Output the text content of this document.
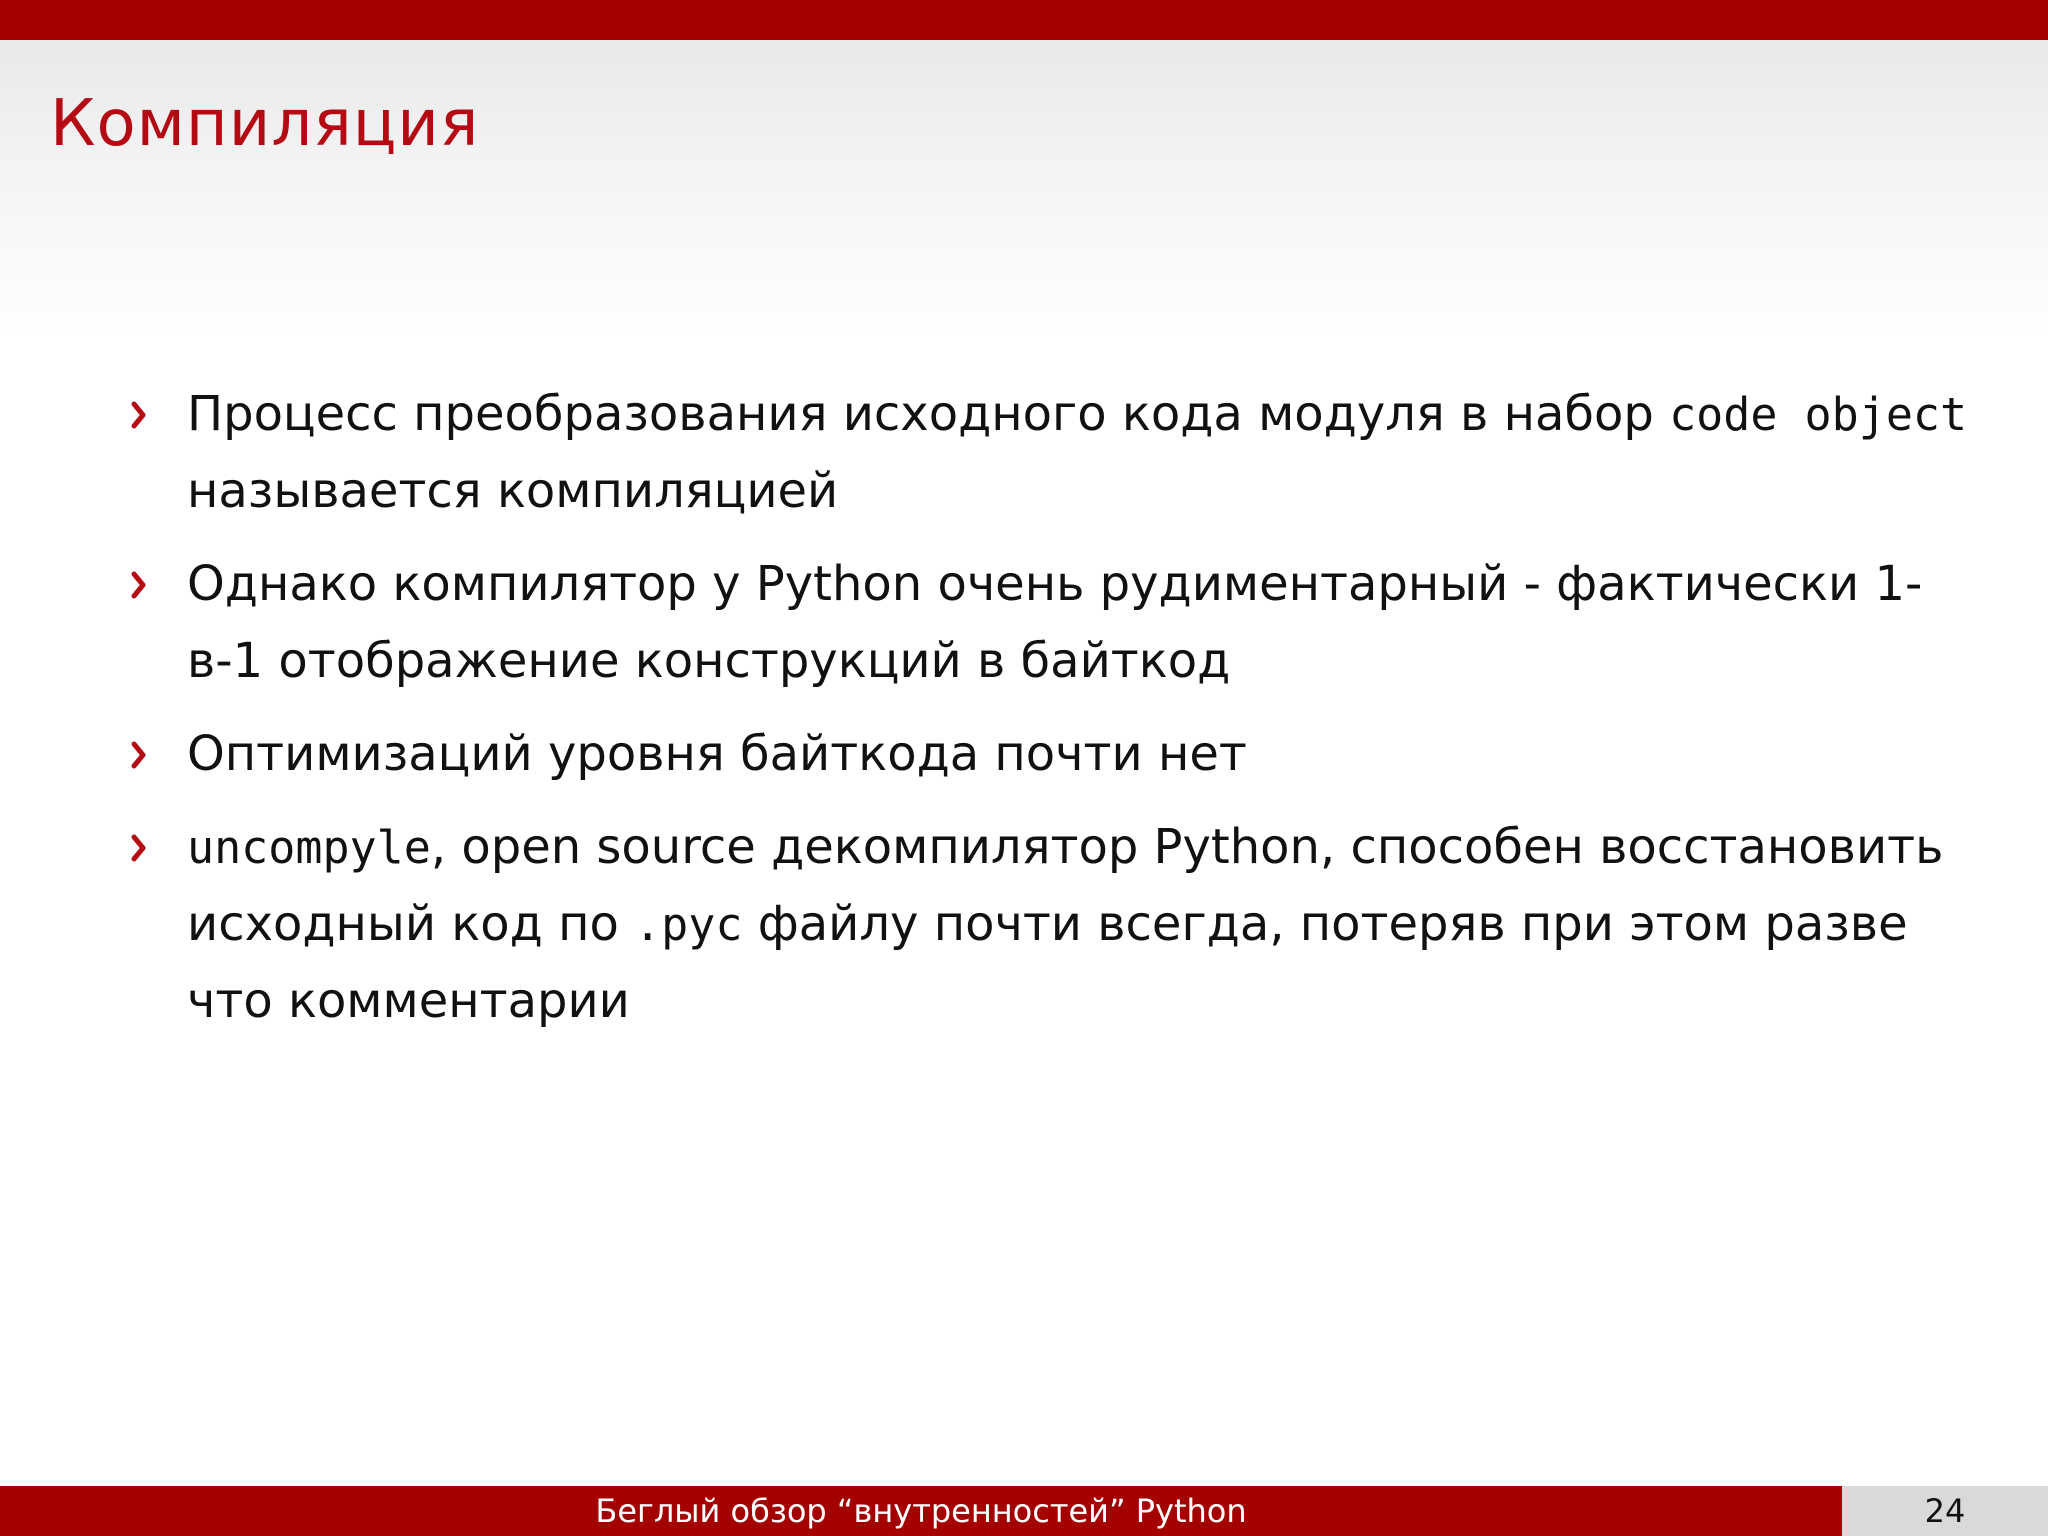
Компиляция
Процесс преобразования исходного кода модуля в набор code object называется компиляцией
Однако компилятор у Python очень рудиментарный - фактически 1-в-1 отображение конструкций в байткод
Оптимизаций уровня байткода почти нет
uncompyle, open source декомпилятор Python, способен восстановить исходный код по .pyc файлу почти всегда, потеряв при этом разве что комментарии
Беглый обзор “внутренностей” Python	24
